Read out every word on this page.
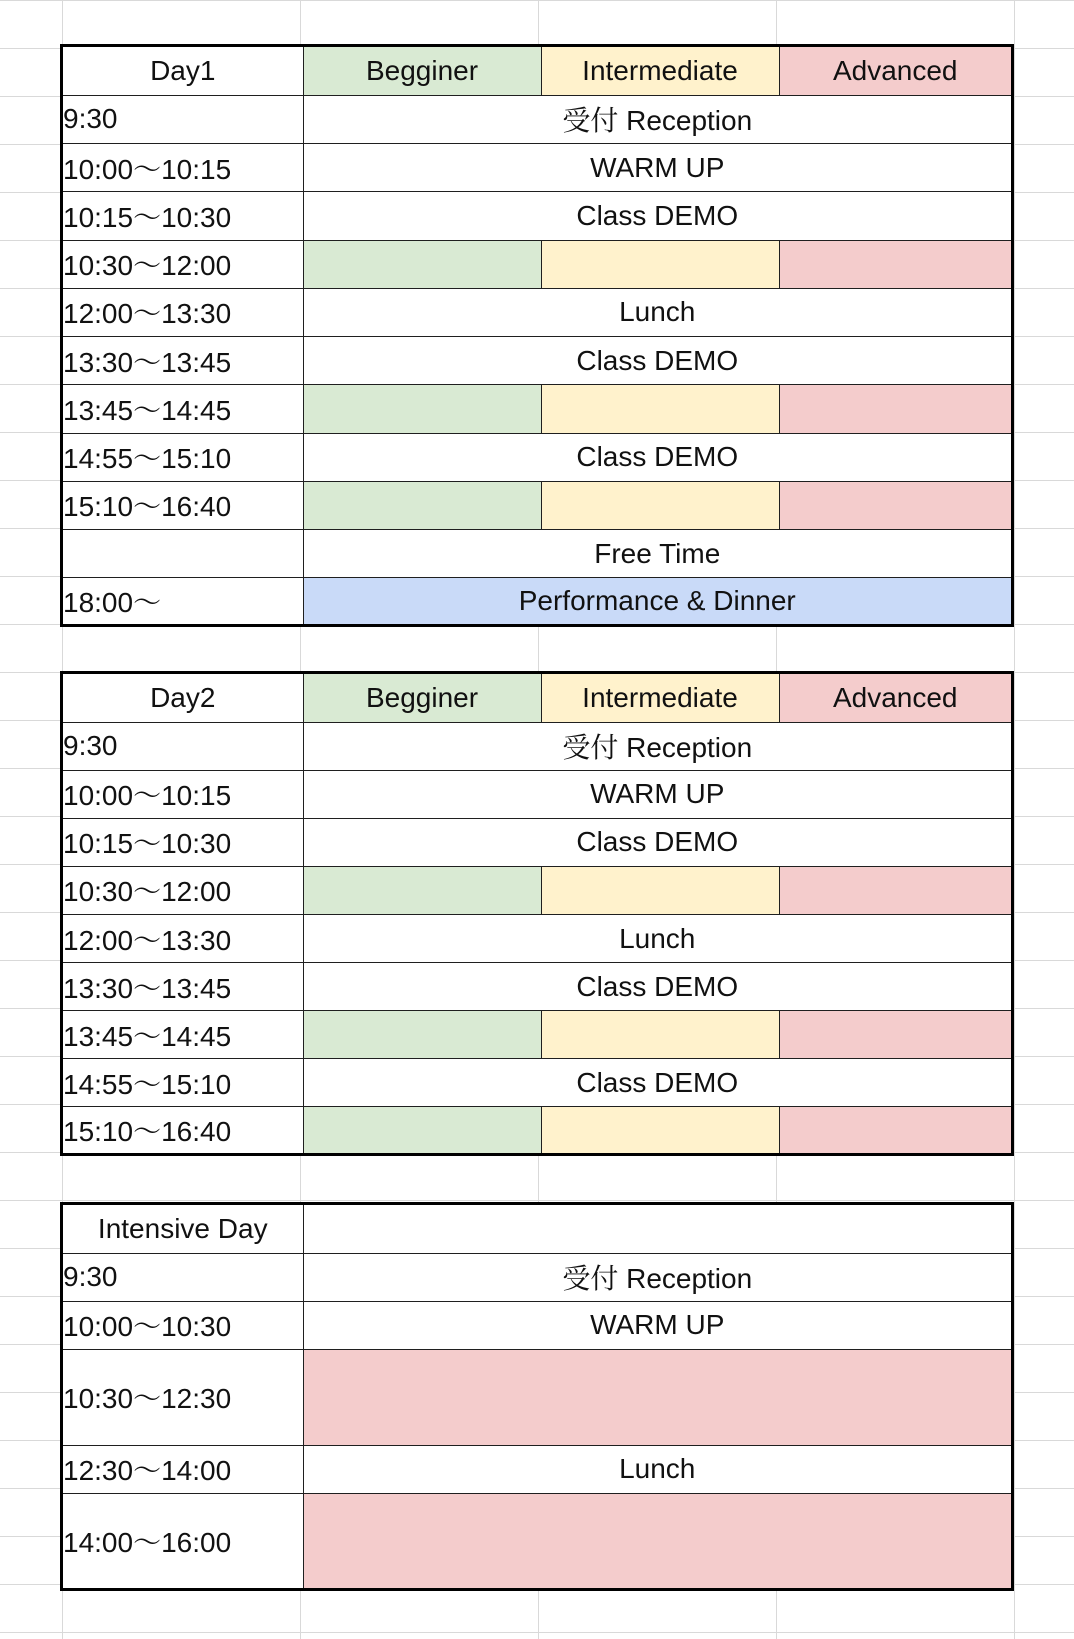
Day1	Begginer	Intermediate	Advanced
9:30	受付 Reception		
10:00〜10:15	WARM UP		
10:15〜10:30	Class DEMO		
10:30〜12:00			
12:00〜13:30	Lunch		
13:30〜13:45	Class DEMO		
13:45〜14:45			
14:55〜15:10	Class DEMO		
15:10〜16:40			
	Free Time		
18:00〜	Performance & Dinner		
Day2	Begginer	Intermediate	Advanced
9:30	受付 Reception		
10:00〜10:15	WARM UP		
10:15〜10:30	Class DEMO		
10:30〜12:00			
12:00〜13:30	Lunch		
13:30〜13:45	Class DEMO		
13:45〜14:45			
14:55〜15:10	Class DEMO		
15:10〜16:40			
Intensive Day	
9:30	受付 Reception
10:00〜10:30	WARM UP
10:30〜12:30	
12:30〜14:00	Lunch
14:00〜16:00	
